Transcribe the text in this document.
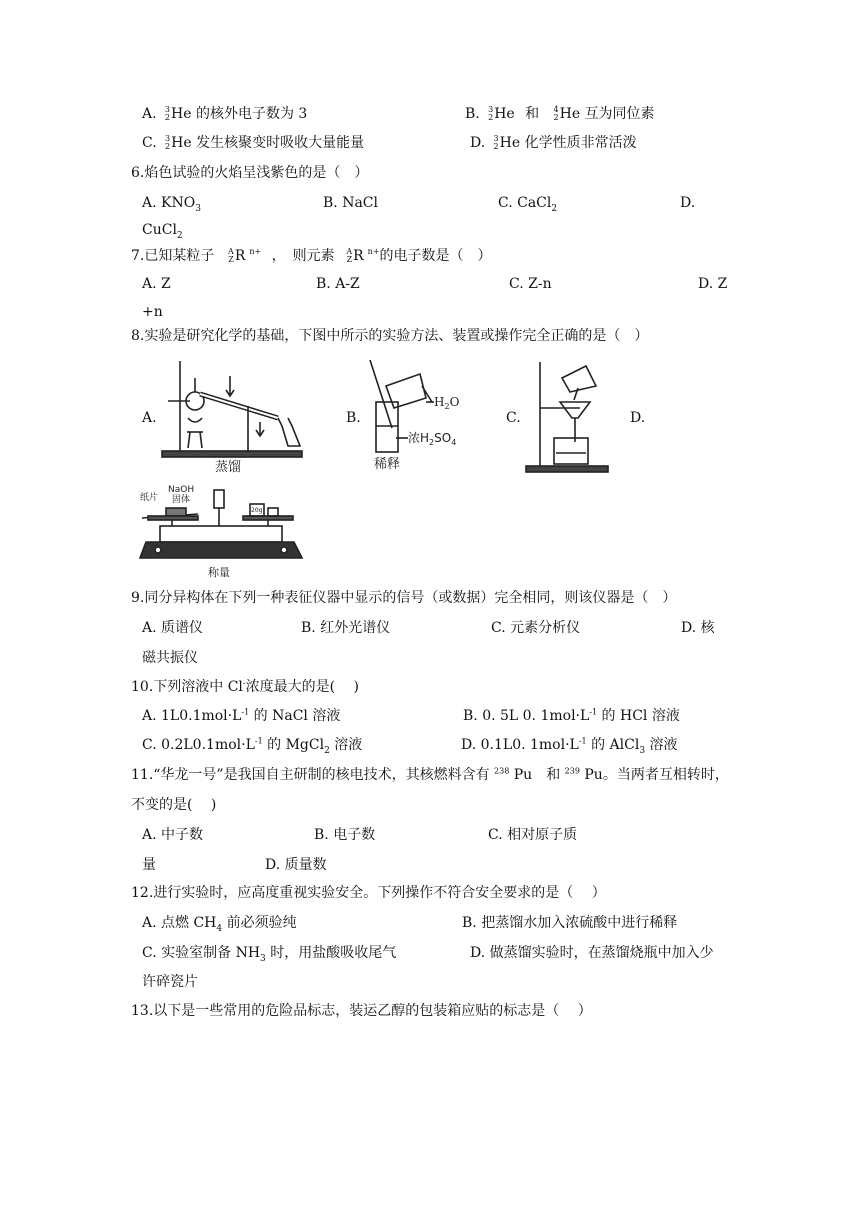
A. 3
2 He 的核外电子数为 3	B. 3
2 He 和 4
2 He 互为同位素
C. 3
2 He 发生核聚变时吸收大量能量	D. 3
2 He 化学性质非常活泼
6.焰色试验的火焰呈浅紫色的是（　）
A. $KNO_3$	B. NaCl	C. CaCl$_2$	D.
CuCl$_2$
7.已知某粒子 A
Z R $^{n+}$ ，　则元素 A
Z R $^{n+}$的电子数是（　）
A. Z	B. A-Z	C. Z-n	D. Z
+n
8.实验是研究化学的基础，下图中所示的实验方法、装置或操作完全正确的是（　）
A.	B.	C.	D.
蒸馏
$H_2O$
浓$H_2SO_4$
稀释
纸片
NaOH
固体
20g
称量
9.同分异构体在下列一种表征仪器中显示的信号（或数据）完全相同，则该仪器是（　）
A. 质谱仪	B. 红外光谱仪	C. 元素分析仪	D. 核
磁共振仪
10.下列溶液中 Cl-浓度最大的是(　 )
A. $1L0.1mol\cdot L^{-1}$ 的 NaCl 溶液	B. 0. 5L 0. $1mol\cdot L^{-1}$ 的 HCl 溶液
C. $0.2L0.1mol\cdot L^{-1}$ 的 MgCl$_2$ 溶液	D. 0.1L0. $1mol\cdot L^{-1}$ 的 AlCl$_3$ 溶液
11.“华龙一号”是我国自主研制的核电技术，其核燃料含有 $^{238}$ Pu　和 $^{239}$ Pu。当两者互相转时，
不变的是(　 )
A. 中子数	B. 电子数	C. 相对原子质
量	D. 质量数
12.进行实验时，应高度重视实验安全。下列操作不符合安全要求的是（　 ）
A. 点燃 $CH_4$ 前必须验纯	B. 把蒸馏水加入浓硫酸中进行稀释
C. 实验室制备 $NH_3$ 时，用盐酸吸收尾气	D. 做蒸馏实验时，在蒸馏烧瓶中加入少
许碎瓷片
13.以下是一些常用的危险品标志，装运乙醇的包装箱应贴的标志是（　 ）
